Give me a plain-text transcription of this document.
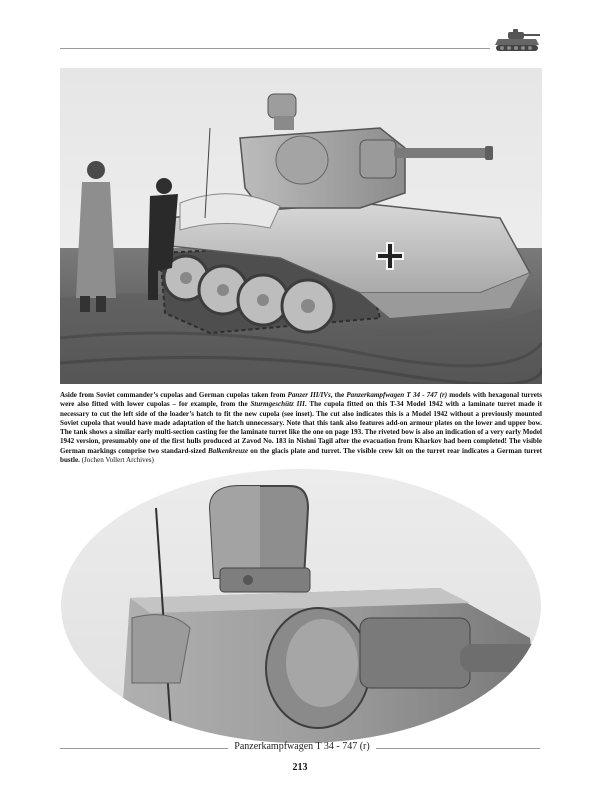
Aside from Soviet commander’s cupolas and German cupolas taken from Panzer III/IVs, the Panzerkampfwagen T 34 - 747 (r) models with hexagonal turrets were also fitted with lower cupolas – for example, from the Sturmgeschütz III. The cupola fitted on this T-34 Model 1942 with a laminate turret made it necessary to cut the left side of the loader’s hatch to fit the new cupola (see inset). The cut also indicates this is a Model 1942 without a previously mounted Soviet cupola that would have made adaptation of the hatch unnecessary. Note that this tank also features add-on armour plates on the lower and upper bow. The tank shows a similar early multi-section casting for the laminate turret like the one on page 193. The riveted bow is also an indication of a very early Model 1942 version, presumably one of the first hulls produced at Zavod No. 183 in Nishni Tagil after the evacuation from Kharkov had been completed! The visible German markings comprise two standard-sized Balkenkreuze on the glacis plate and turret. The visible crew kit on the turret rear indicates a German turret bustle. (Jochen Vollert Archives)
Panzerkampfwagen T 34 - 747 (r)
213
